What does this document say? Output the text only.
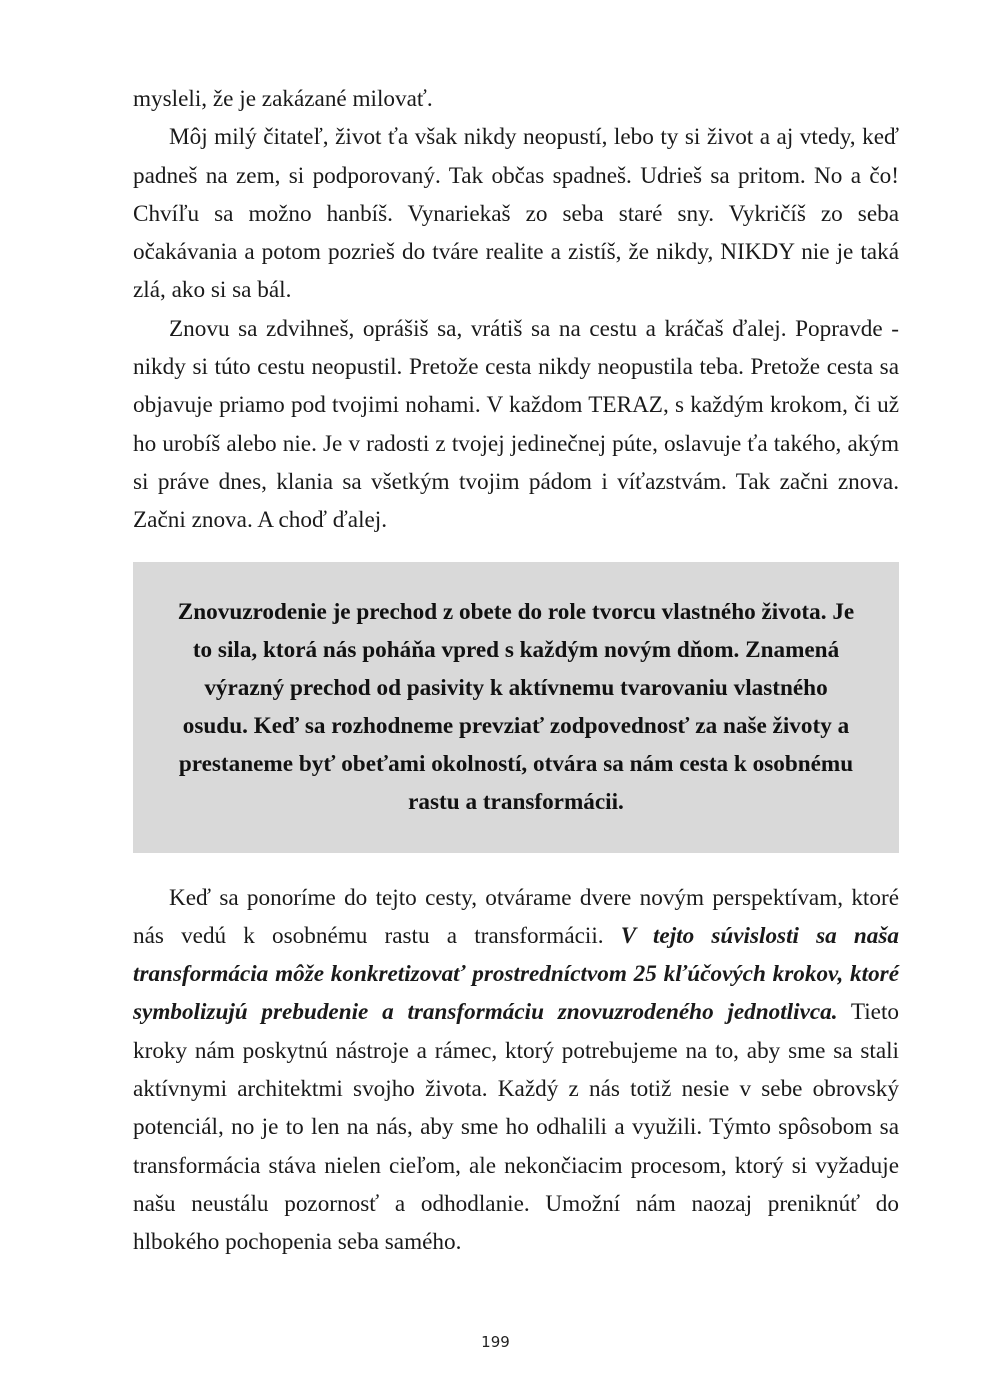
mysleli, že je zakázané milovať.

Môj milý čitateľ, život ťa však nikdy neopustí, lebo ty si život a aj vtedy, keď padneš na zem, si podporovaný. Tak občas spadneš. Udrieš sa pritom. No a čo! Chvíľu sa možno hanbíš. Vynariekaš zo seba staré sny. Vykričíš zo seba očakávania a potom pozrieš do tváre realite a zistíš, že nikdy, NIKDY nie je taká zlá, ako si sa bál.

Znovu sa zdvihneš, oprášiš sa, vrátiš sa na cestu a kráčaš ďalej. Popravde - nikdy si túto cestu neopustil. Pretože cesta nikdy neopustila teba. Pretože cesta sa objavuje priamo pod tvojimi nohami. V každom TERAZ, s každým krokom, či už ho urobíš alebo nie. Je v radosti z tvojej jedinečnej púte, oslavuje ťa takého, akým si práve dnes, klania sa všetkým tvojim pádom i víťazstvám. Tak začni znova. Začni znova. A choď ďalej.

Znovuzrodenie je prechod z obete do role tvorcu vlastného života. Je to sila, ktorá nás poháňa vpred s každým novým dňom. Znamená výrazný prechod od pasivity k aktívnemu tvarovaniu vlastného osudu. Keď sa rozhodneme prevziať zodpovednosť za naše životy a prestaneme byť obeťami okolností, otvára sa nám cesta k osobnému rastu a transformácii.

Keď sa ponoríme do tejto cesty, otvárame dvere novým perspektívam, ktoré nás vedú k osobnému rastu a transformácii. V tejto súvislosti sa naša transformácia môže konkretizovať prostredníctvom 25 kľúčových krokov, ktoré symbolizujú prebudenie a transformáciu znovuzrodeného jednotlivca. Tieto kroky nám poskytnú nástroje a rámec, ktorý potrebujeme na to, aby sme sa stali aktívnymi architektmi svojho života. Každý z nás totiž nesie v sebe obrovský potenciál, no je to len na nás, aby sme ho odhalili a využili. Týmto spôsobom sa transformácia stáva nielen cieľom, ale nekončiacim procesom, ktorý si vyžaduje našu neustálu pozornosť a odhodlanie. Umožní nám naozaj preniknúť do hlbokého pochopenia seba samého.

199
